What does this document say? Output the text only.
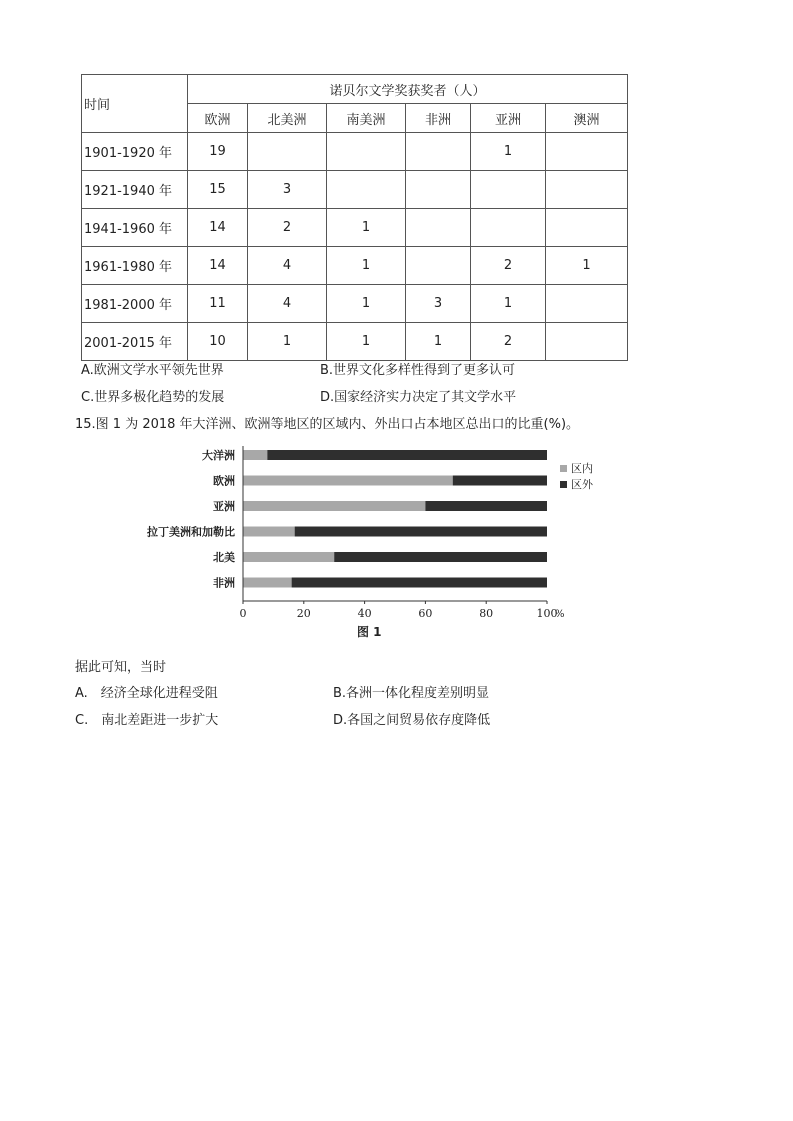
时间	诺贝尔文学奖获奖者（人）					
	欧洲	北美洲	南美洲	非洲	亚洲	澳洲
1901-1920 年	19				1	
1921-1940 年	15	3				
1941-1960 年	14	2	1			
1961-1980 年	14	4	1		2	1
1981-2000 年	11	4	1	3	1	
2001-2015 年	10	1	1	1	2	
A.欧洲文学水平领先世界	B.世界文化多样性得到了更多认可
C.世界多极化趋势的发展	D.国家经济实力决定了其文学水平
15.图 1 为 2018 年大洋洲、欧洲等地区的区域内、外出口占本地区总出口的比重(%)。
大洋洲
欧洲
亚洲
拉丁美洲和加勒比
北美
非洲
0	20	40	60	80	100
%
区内
区外
图 1
据此可知，当时
A.　经济全球化进程受阻	B.各洲一体化程度差别明显
C.　南北差距进一步扩大	D.各国之间贸易依存度降低
